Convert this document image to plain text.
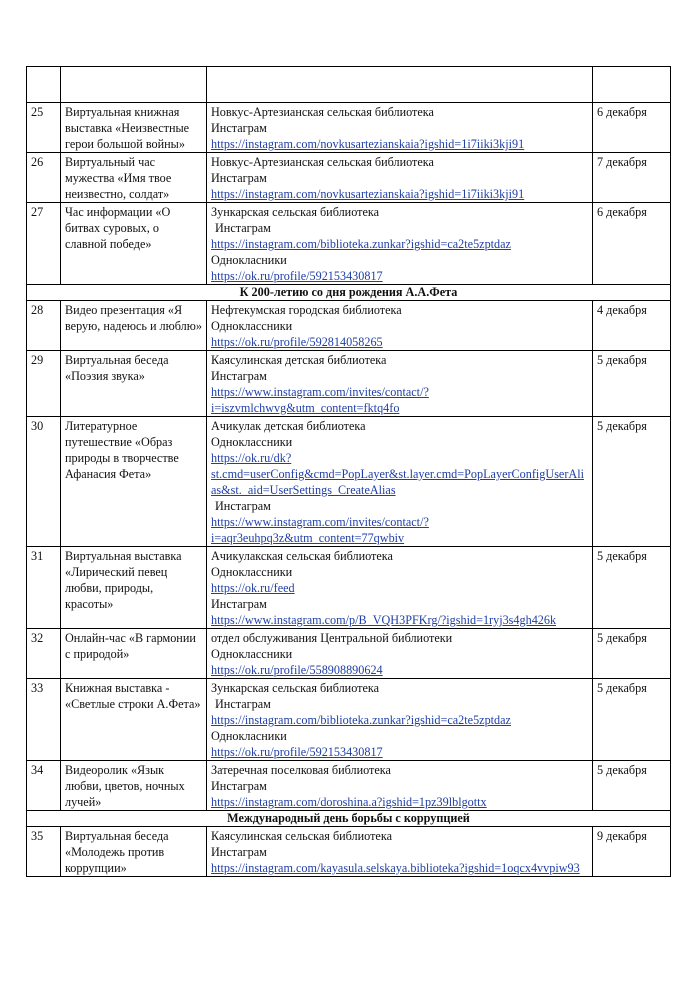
25	Виртуальная книжная выставка «Неизвестные герои большой войны»	Новкус-Артезианская сельская библиотека
Инстаграм
https://instagram.com/novkusartezianskaia?igshid=1i7iiki3kji91	6 декабря
26	Виртуальный час мужества «Имя твое неизвестно, солдат»	Новкус-Артезианская сельская библиотека
Инстаграм
https://instagram.com/novkusartezianskaia?igshid=1i7iiki3kji91	7 декабря
27	Час информации «О битвах суровых, о славной победе»	Зункарская сельская библиотека
Инстаграм
https://instagram.com/biblioteka.zunkar?igshid=ca2te5zptdaz
Однокласники
https://ok.ru/profile/592153430817	6 декабря
К 200-летию со дня рождения А.А.Фета			
28	Видео презентация «Я верую, надеюсь и люблю»	Нефтекумская городская библиотека
Одноклассники
https://ok.ru/profile/592814058265	4 декабря
29	Виртуальная беседа «Поэзия звука»	Каясулинская детская библиотека
Инстаграм
https://www.instagram.com/invites/contact/?i=iszvmlchwvg&utm_content=fktq4fo	5 декабря
30	Литературное путешествие «Образ природы в творчестве Афанасия Фета»	Ачикулак детская библиотека
Одноклассники
https://ok.ru/dk?st.cmd=userConfig&cmd=PopLayer&st.layer.cmd=PopLayerConfigUserAlias&st._aid=UserSettings_CreateAlias
Инстаграм
https://www.instagram.com/invites/contact/?i=aqr3euhpq3z&utm_content=77qwbiv	5 декабря
31	Виртуальная выставка «Лирический певец любви, природы, красоты»	Ачикулакская сельская библиотека
Одноклассники
https://ok.ru/feed
Инстаграм
https://www.instagram.com/p/B_VQH3PFKrg/?igshid=1ryj3s4gh426k	5 декабря
32	Онлайн-час «В гармонии с природой»	отдел обслуживания Центральной библиотеки
Одноклассники
https://ok.ru/profile/558908890624	5 декабря
33	Книжная выставка - «Светлые строки А.Фета»	Зункарская сельская библиотека
Инстаграм
https://instagram.com/biblioteka.zunkar?igshid=ca2te5zptdaz
Однокласники
https://ok.ru/profile/592153430817	5 декабря
34	Видеоролик «Язык любви, цветов, ночных лучей»	Затеречная поселковая библиотека
Инстаграм
https://instagram.com/doroshina.a?igshid=1pz39lblgottx	5 декабря
Международный день борьбы с коррупцией			
35	Виртуальная беседа «Молодежь против коррупции»	Каясулинская сельская библиотека
Инстаграм
https://instagram.com/kayasula.selskaya.biblioteka?igshid=1oqcx4vvpiw93	9 декабря
